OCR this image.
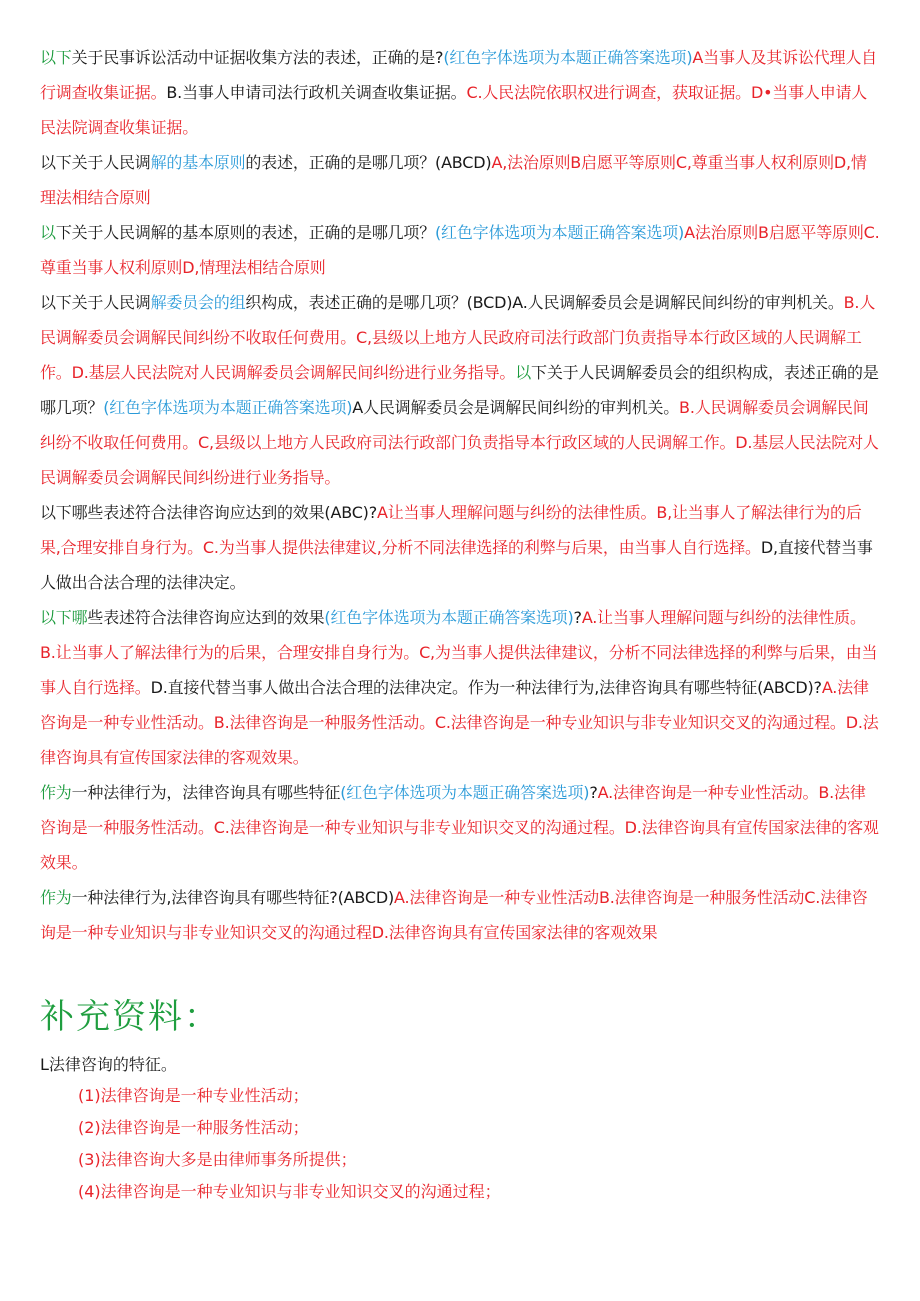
以下关于民事诉讼活动中证据收集方法的表述，正确的是?(红色字体选项为本题正确答案选项)A当事人及其诉讼代理人自行调查收集证据。B.当事人申请司法行政机关调查收集证据。C.人民法院依职权进行调查，获取证据。D•当事人申请人民法院调查收集证据。

以下关于人民调解的基本原则的表述，正确的是哪几项？(ABCD)A,法治原则B启愿平等原则C,尊重当事人权利原则D,情理法相结合原则

以下关于人民调解的基本原则的表述，正确的是哪几项？(红色字体选项为本题正确答案选项)A法治原则B启愿平等原则C.尊重当事人权利原则D,情理法相结合原则

以下关于人民调解委员会的组织构成，表述正确的是哪几项？(BCD)A.人民调解委员会是调解民间纠纷的审判机关。B.人民调解委员会调解民间纠纷不收取任何费用。C,县级以上地方人民政府司法行政部门负责指导本行政区域的人民调解工作。D.基层人民法院对人民调解委员会调解民间纠纷进行业务指导。以下关于人民调解委员会的组织构成，表述正确的是哪几项？(红色字体选项为本题正确答案选项)A人民调解委员会是调解民间纠纷的审判机关。B.人民调解委员会调解民间纠纷不收取任何费用。C,县级以上地方人民政府司法行政部门负责指导本行政区域的人民调解工作。D.基层人民法院对人民调解委员会调解民间纠纷进行业务指导。

以下哪些表述符合法律咨询应达到的效果(ABC)?A让当事人理解问题与纠纷的法律性质。B,让当事人了解法律行为的后果,合理安排自身行为。C.为当事人提供法律建议,分析不同法律选择的利弊与后果，由当事人自行选择。D,直接代替当事人做出合法合理的法律决定。

以下哪些表述符合法律咨询应达到的效果(红色字体选项为本题正确答案选项)?A.让当事人理解问题与纠纷的法律性质。B.让当事人了解法律行为的后果，合理安排自身行为。C,为当事人提供法律建议，分析不同法律选择的利弊与后果，由当事人自行选择。D.直接代替当事人做出合法合理的法律决定。作为一种法律行为,法律咨询具有哪些特征(ABCD)?A.法律咨询是一种专业性活动。B.法律咨询是一种服务性活动。C.法律咨询是一种专业知识与非专业知识交叉的沟通过程。D.法律咨询具有宣传国家法律的客观效果。

作为一种法律行为，法律咨询具有哪些特征(红色字体选项为本题正确答案选项)?A.法律咨询是一种专业性活动。B.法律咨询是一种服务性活动。C.法律咨询是一种专业知识与非专业知识交叉的沟通过程。D.法律咨询具有宣传国家法律的客观效果。

作为一种法律行为,法律咨询具有哪些特征?(ABCD)A.法律咨询是一种专业性活动B.法律咨询是一种服务性活动C.法律咨询是一种专业知识与非专业知识交叉的沟通过程D.法律咨询具有宣传国家法律的客观效果

补充资料：
L法律咨询的特征。

(1)法律咨询是一种专业性活动；

(2)法律咨询是一种服务性活动；

(3)法律咨询大多是由律师事务所提供；

(4)法律咨询是一种专业知识与非专业知识交叉的沟通过程；
